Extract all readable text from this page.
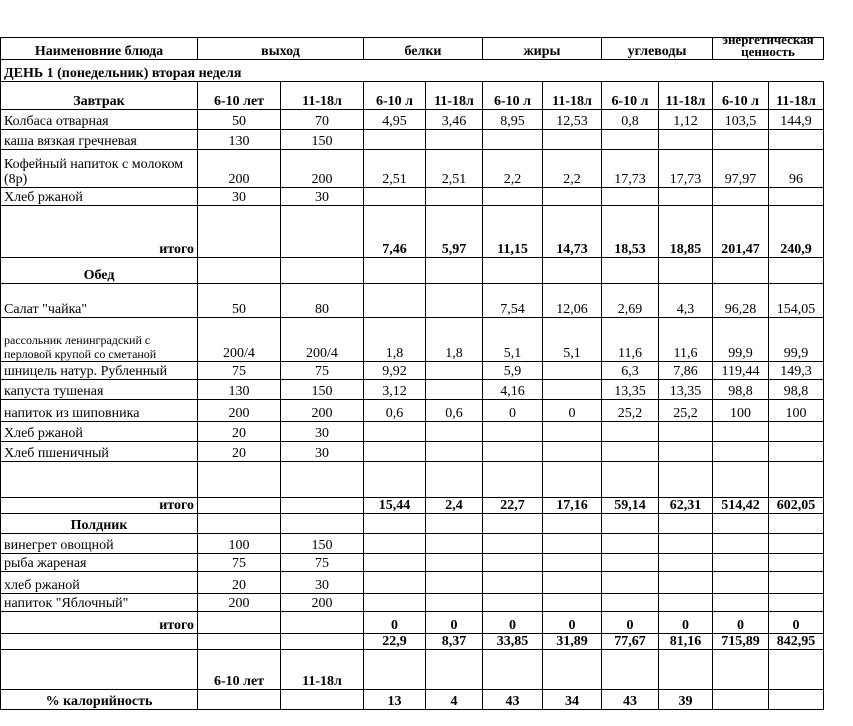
Наименовние блюда	выход		белки		жиры		углеводы		энергетическая ценность	

ДЕНЬ 1 (понедельник) вторая неделя										
Завтрак	6-10 лет	11-18л	6-10 л	11-18л	6-10 л	11-18л	6-10 л	11-18л	6-10 л	11-18л
Колбаса отварная	50	70	4,95	3,46	8,95	12,53	0,8	1,12	103,5	144,9
каша вязкая гречневая	130	150								
Кофейный напиток с молоком (8р)	200	200	2,51	2,51	2,2	2,2	17,73	17,73	97,97	96
Хлеб ржаной	30	30								
итого			7,46	5,97	11,15	14,73	18,53	18,85	201,47	240,9
Обед										
Салат "чайка"	50	80			7,54	12,06	2,69	4,3	96,28	154,05
рассольник ленинградский с перловой крупой со сметаной	200/4	200/4	1,8	1,8	5,1	5,1	11,6	11,6	99,9	99,9
шницель натур. Рубленный	75	75	9,92		5,9		6,3	7,86	119,44	149,3
капуста тушеная	130	150	3,12		4,16		13,35	13,35	98,8	98,8
напиток из шиповника	200	200	0,6	0,6	0	0	25,2	25,2	100	100
Хлеб ржаной	20	30								
Хлеб пшеничный	20	30								

итого			15,44	2,4	22,7	17,16	59,14	62,31	514,42	602,05
Полдник										
винегрет овощной	100	150								
рыба жареная	75	75								
хлеб ржаной	20	30								
напиток "Яблочный"	200	200								
итого			0	0	0	0	0	0	0	0
			22,9	8,37	33,85	31,89	77,67	81,16	715,89	842,95
	6-10 лет	11-18л								
% калорийность			13	4	43	34	43	39		
